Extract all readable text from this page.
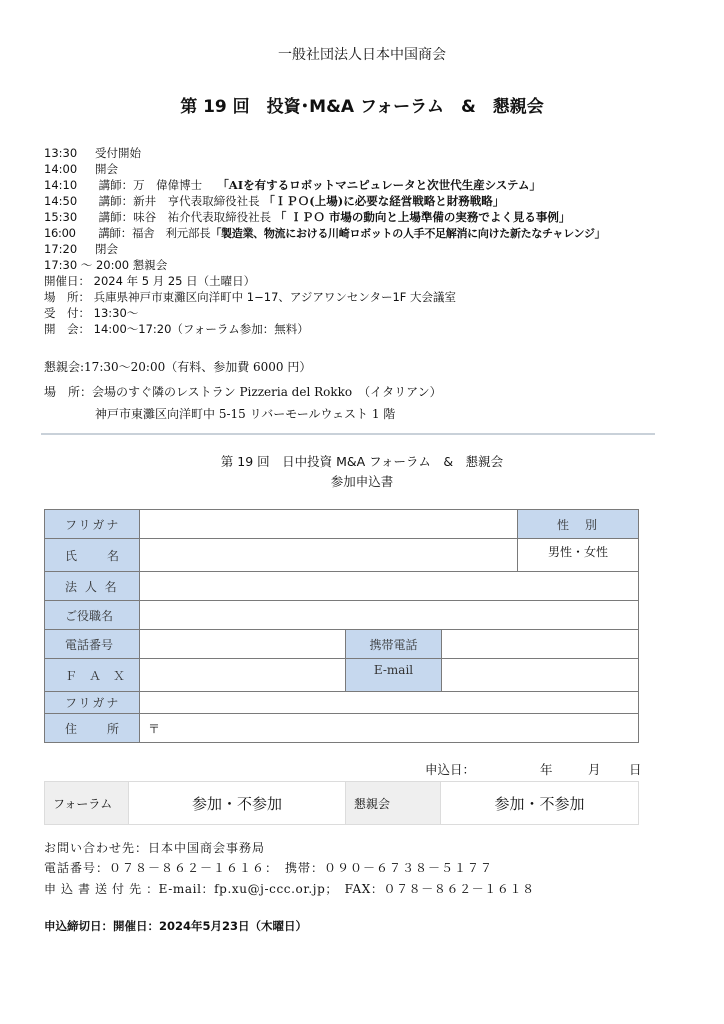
一般社団法人日本中国商会
第 19 回　投資･M&A フォーラム　&　懇親会
13:30 受付開始
14:00 開会
14:10 講師：万　偉偉博士　 「AIを有するロボットマニピュレータと次世代生産システム」
14:50 講師：新井　亨代表取締役社長 「ＩＰＯ(上場)に必要な経営戦略と財務戦略」
15:30 講師：味谷　祐介代表取締役社長 「 ＩＰＯ 市場の動向と上場準備の実務でよく見る事例」
16:00 講師：福舎　利元部長「製造業、物流における川崎ロボットの人手不足解消に向けた新たなチャレンジ」
17:20 閉会
17:30 ～ 20:00 懇親会
開催日： 2024 年 5 月 25 日（土曜日）
場　所： 兵庫県神戸市東灘区向洋町中 1−17、アジアワンセンター1F 大会議室
受　付： 13:30～
開　会： 14:00～17:20（フォーラム参加：無料）
懇親会:17:30～20:00（有料、参加費 6000 円）
場　所：会場のすぐ隣のレストラン Pizzeria del Rokko　（イタリアン）
神戸市東灘区向洋町中 5-15 リバーモールウェスト 1 階
第 19 回　日中投資 M&A フォーラム　&　懇親会
参加申込書
フリガナ				性　別
氏　　名				男性・女性
法 人 名				
ご役職名				
電話番号		携帯電話		
Ｆ　Ａ　Ｘ		E-mail		
フリガナ				
住　　所	〒			
申込日：	年	月 日
フォーラム	参加・不参加	懇親会	参加・不参加
お問い合わせ先：日本中国商会事務局
電話番号：０７８－８６２－１６１６：　携帯：０９０－６７３８－５１７７
申 込 書 送 付 先 ：E-mail：fp.xu@j-ccc.or.jp；　FAX：０７８－８６２－１６１８
申込締切日：開催日：2024年5月23日（木曜日）
